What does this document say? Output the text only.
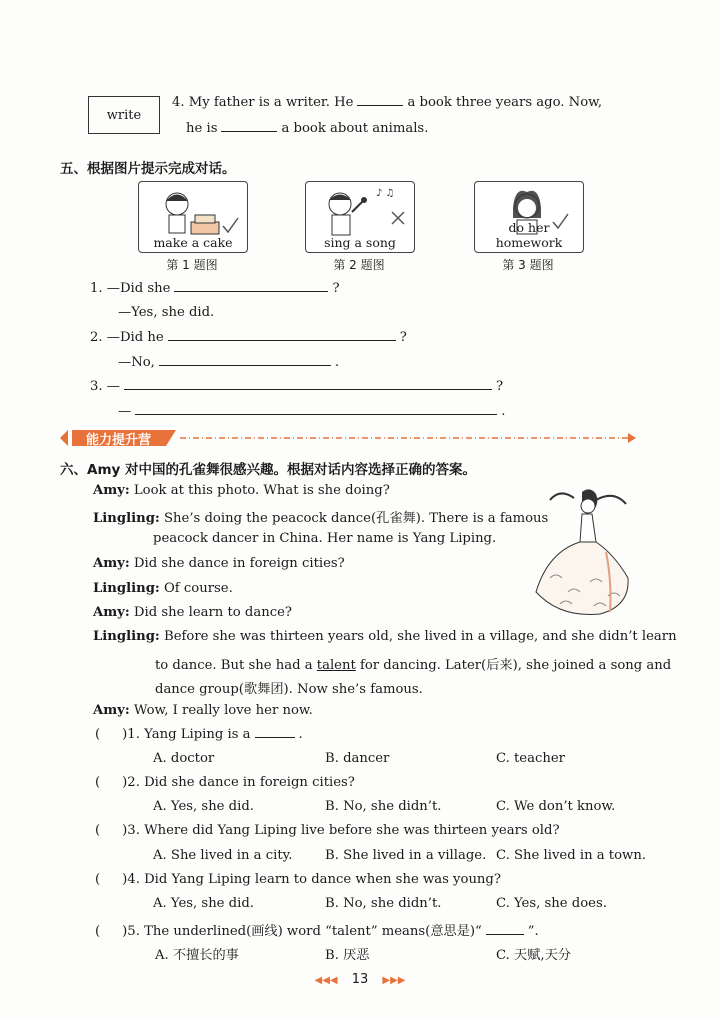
write
4. My father is a writer. He	a book three years ago. Now,
he is	a book about animals.
五、根据图片提示完成对话。
make a cake
♪ ♫
sing a song
do her homework
第 1 题图	第 2 题图	第 3 题图
1. —Did she	?
—Yes, she did.
2. —Did he	?
—No,	.
3. —	?
—	.
能力提升营
六、Amy 对中国的孔雀舞很感兴趣。根据对话内容选择正确的答案。
Amy: Look at this photo. What is she doing?
Lingling: She’s doing the peacock dance(孔雀舞). There is a famous
peacock dancer in China. Her name is Yang Liping.
Amy: Did she dance in foreign cities?
Lingling: Of course.
Amy: Did she learn to dance?
Lingling: Before she was thirteen years old, she lived in a village, and she didn’t learn
to dance. But she had a talent for dancing. Later(后来), she joined a song and
dance group(歌舞团). Now she’s famous.
Amy: Wow, I really love her now.
( )1. Yang Liping is a	.
A. doctor	B. dancer	C. teacher
( )2. Did she dance in foreign cities?
A. Yes, she did.	B. No, she didn’t.	C. We don’t know.
( )3. Where did Yang Liping live before she was thirteen years old?
A. She lived in a city. B. She lived in a village. C. She lived in a town.
( )4. Did Yang Liping learn to dance when she was young?
A. Yes, she did.	B. No, she didn’t.	C. Yes, she does.
( )5. The underlined(画线) word “talent” means(意思是)“	”.
A. 不擅长的事	B. 厌恶	C. 天赋,天分
◀◀◀ 13 ▶▶▶
